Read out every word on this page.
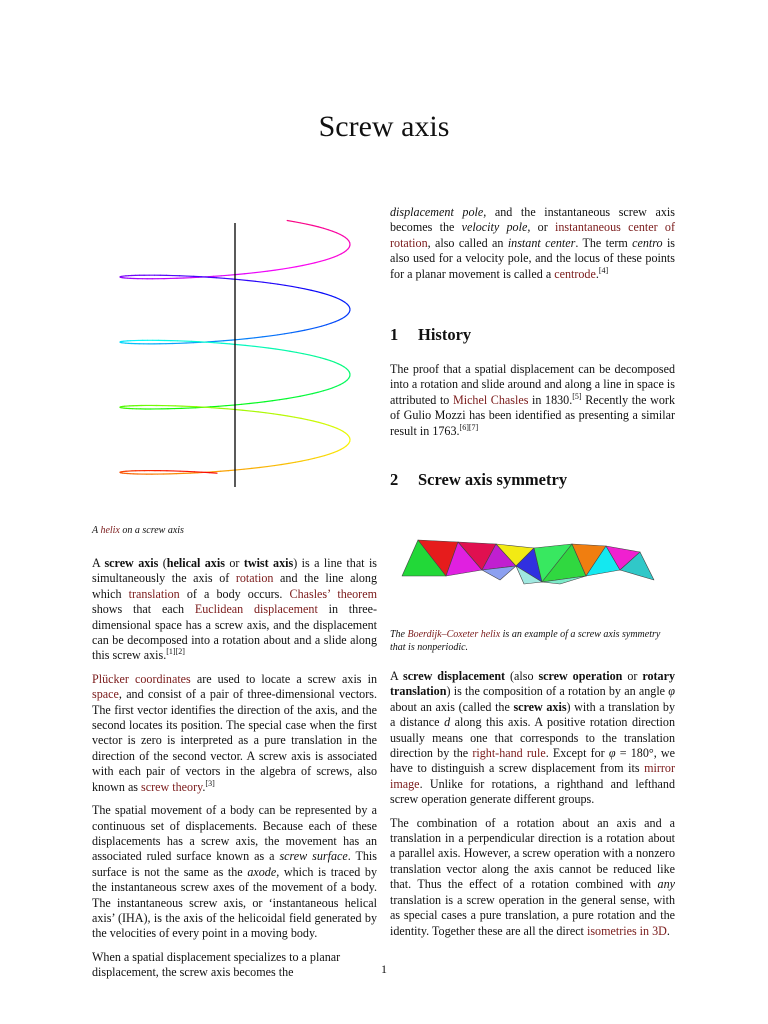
Screw axis
A helix on a screw axis

A screw axis (helical axis or twist axis) is a line that is simultaneously the axis of rotation and the line along which translation of a body occurs. Chasles’ theorem shows that each Euclidean displacement in three-dimensional space has a screw axis, and the displacement can be decomposed into a rotation about and a slide along this screw axis.[1][2]

Plücker coordinates are used to locate a screw axis in space, and consist of a pair of three-dimensional vectors. The first vector identifies the direction of the axis, and the second locates its position. The special case when the first vector is zero is interpreted as a pure translation in the direction of the second vector. A screw axis is associated with each pair of vectors in the algebra of screws, also known as screw theory.[3]

The spatial movement of a body can be represented by a continuous set of displacements. Because each of these displacements has a screw axis, the movement has an associated ruled surface known as a screw surface. This surface is not the same as the axode, which is traced by the instantaneous screw axes of the movement of a body. The instantaneous screw axis, or ‘instantaneous helical axis’ (IHA), is the axis of the helicoidal field generated by the velocities of every point in a moving body.

When a spatial displacement specializes to a planar displacement, the screw axis becomes the

displacement pole, and the instantaneous screw axis becomes the velocity pole, or instantaneous center of rotation, also called an instant center. The term centro is also used for a velocity pole, and the locus of these points for a planar movement is called a centrode.[4]

1 History

The proof that a spatial displacement can be decomposed into a rotation and slide around and along a line in space is attributed to Michel Chasles in 1830.[5] Recently the work of Gulio Mozzi has been identified as presenting a similar result in 1763.[6][7]

2 Screw axis symmetry
The Boerdijk–Coxeter helix is an example of a screw axis symmetry that is nonperiodic.

A screw displacement (also screw operation or rotary translation) is the composition of a rotation by an angle φ about an axis (called the screw axis) with a translation by a distance d along this axis. A positive rotation direction usually means one that corresponds to the translation direction by the right-hand rule. Except for φ = 180°, we have to distinguish a screw displacement from its mirror image. Unlike for rotations, a righthand and lefthand screw operation generate different groups.

The combination of a rotation about an axis and a translation in a perpendicular direction is a rotation about a parallel axis. However, a screw operation with a nonzero translation vector along the axis cannot be reduced like that. Thus the effect of a rotation combined with any translation is a screw operation in the general sense, with as special cases a pure translation, a pure rotation and the identity. Together these are all the direct isometries in 3D.

1
